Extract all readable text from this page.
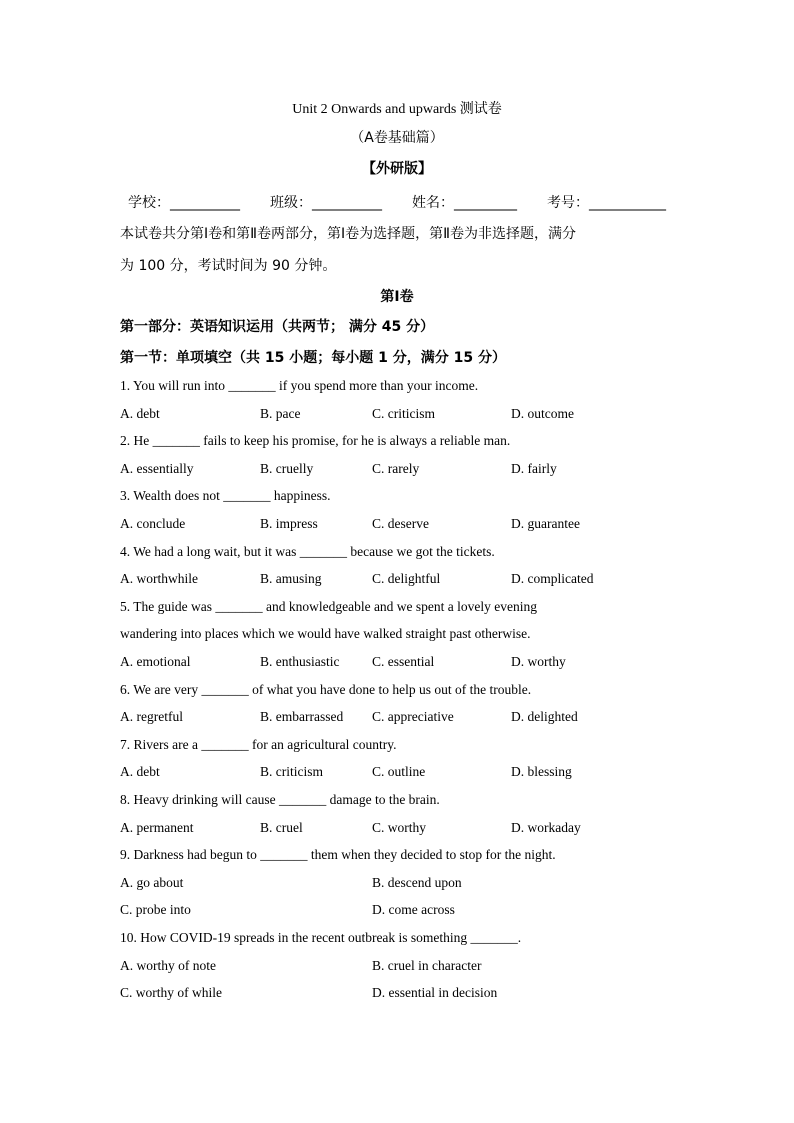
Unit 2 Onwards and upwards 测试卷
（A卷基础篇）
【外研版】
学校：__________ 班级：__________ 姓名：_________ 考号：___________
本试卷共分第Ⅰ卷和第Ⅱ卷两部分，第Ⅰ卷为选择题，第Ⅱ卷为非选择题，满分
为 100 分，考试时间为 90 分钟。
第Ⅰ卷
第一部分：英语知识运用（共两节； 满分 45 分）
第一节：单项填空（共 15 小题；每小题 1 分，满分 15 分）
1. You will run into _______ if you spend more than your income.
A. debt	B. pace	C. criticism	D. outcome
2. He _______ fails to keep his promise, for he is always a reliable man.
A. essentially	B. cruelly	C. rarely	D. fairly
3. Wealth does not _______ happiness.
A. conclude	B. impress	C. deserve	D. guarantee
4. We had a long wait, but it was _______ because we got the tickets.
A. worthwhile	B. amusing	C. delightful	D. complicated
5. The guide was _______ and knowledgeable and we spent a lovely evening
wandering into places which we would have walked straight past otherwise.
A. emotional	B. enthusiastic C. essential	D. worthy
6. We are very _______ of what you have done to help us out of the trouble.
A. regretful	B. embarrassed C. appreciative	D. delighted
7. Rivers are a _______ for an agricultural country.
A. debt	B. criticism	C. outline	D. blessing
8. Heavy drinking will cause _______ damage to the brain.
A. permanent	B. cruel	C. worthy	D. workaday
9. Darkness had begun to _______ them when they decided to stop for the night.
A. go about	B. descend upon
C. probe into	D. come across
10. How COVID-19 spreads in the recent outbreak is something _______.
A. worthy of note	B. cruel in character
C. worthy of while	D. essential in decision
